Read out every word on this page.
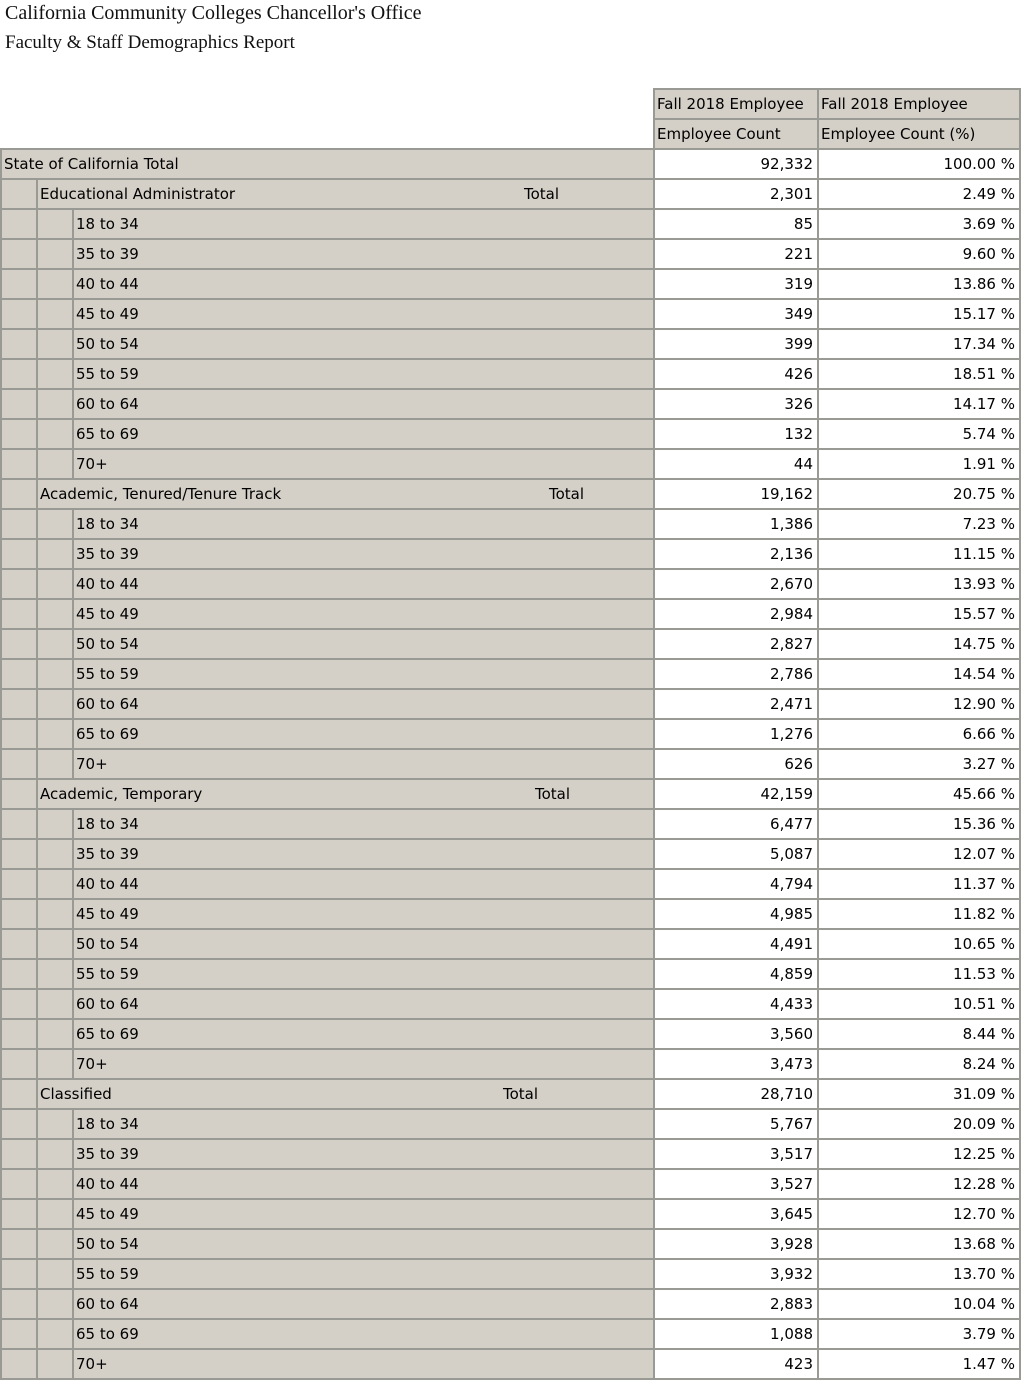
California Community Colleges Chancellor's Office
Faculty & Staff Demographics Report
			Fall 2018 Employee	Fall 2018 Employee
			Employee Count	Employee Count (%)
State of California Total			92,332	100.00 %
	Educational Administrator Total		2,301	2.49 %
		18 to 34	85	3.69 %
		35 to 39	221	9.60 %
		40 to 44	319	13.86 %
		45 to 49	349	15.17 %
		50 to 54	399	17.34 %
		55 to 59	426	18.51 %
		60 to 64	326	14.17 %
		65 to 69	132	5.74 %
		70+	44	1.91 %
	Academic, Tenured/Tenure Track Total		19,162	20.75 %
		18 to 34	1,386	7.23 %
		35 to 39	2,136	11.15 %
		40 to 44	2,670	13.93 %
		45 to 49	2,984	15.57 %
		50 to 54	2,827	14.75 %
		55 to 59	2,786	14.54 %
		60 to 64	2,471	12.90 %
		65 to 69	1,276	6.66 %
		70+	626	3.27 %
	Academic, Temporary Total		42,159	45.66 %
		18 to 34	6,477	15.36 %
		35 to 39	5,087	12.07 %
		40 to 44	4,794	11.37 %
		45 to 49	4,985	11.82 %
		50 to 54	4,491	10.65 %
		55 to 59	4,859	11.53 %
		60 to 64	4,433	10.51 %
		65 to 69	3,560	8.44 %
		70+	3,473	8.24 %
	Classified Total		28,710	31.09 %
		18 to 34	5,767	20.09 %
		35 to 39	3,517	12.25 %
		40 to 44	3,527	12.28 %
		45 to 49	3,645	12.70 %
		50 to 54	3,928	13.68 %
		55 to 59	3,932	13.70 %
		60 to 64	2,883	10.04 %
		65 to 69	1,088	3.79 %
		70+	423	1.47 %
